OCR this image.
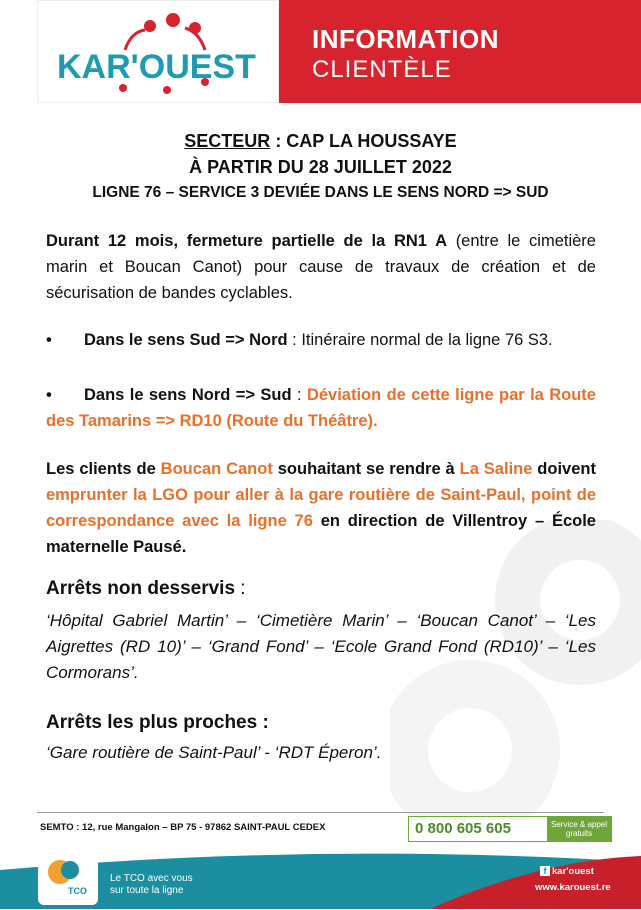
KAR'OUEST
INFORMATION
CLIENTÈLE
SECTEUR : CAP LA HOUSSAYE
À PARTIR DU 28 JUILLET 2022
LIGNE 76 – SERVICE 3 DEVIÉE DANS LE SENS NORD => SUD
Durant 12 mois, fermeture partielle de la RN1 A (entre le cimetière marin et Boucan Canot) pour cause de travaux de création et de sécurisation de bandes cyclables.
• Dans le sens Sud => Nord : Itinéraire normal de la ligne 76 S3.
• Dans le sens Nord => Sud : Déviation de cette ligne par la Route des Tamarins => RD10 (Route du Théâtre).
Les clients de Boucan Canot souhaitant se rendre à La Saline doivent emprunter la LGO pour aller à la gare routière de Saint-Paul, point de correspondance avec la ligne 76 en direction de Villentroy – École maternelle Pausé.
Arrêts non desservis :
‘Hôpital Gabriel Martin’ – ‘Cimetière Marin’ – ‘Boucan Canot’ – ‘Les Aigrettes (RD 10)’ – ‘Grand Fond’ – ‘Ecole Grand Fond (RD10)’ – ‘Les Cormorans’.
Arrêts les plus proches :
‘Gare routière de Saint-Paul’ - ‘RDT Éperon’.
SEMTO : 12, rue Mangalon – BP 75 - 97862 SAINT-PAUL CEDEX	0 800 605 605	Service & appel gratuits
TCO
Le TCO avec vous
sur toute la ligne
f kar'ouest
www.karouest.re
